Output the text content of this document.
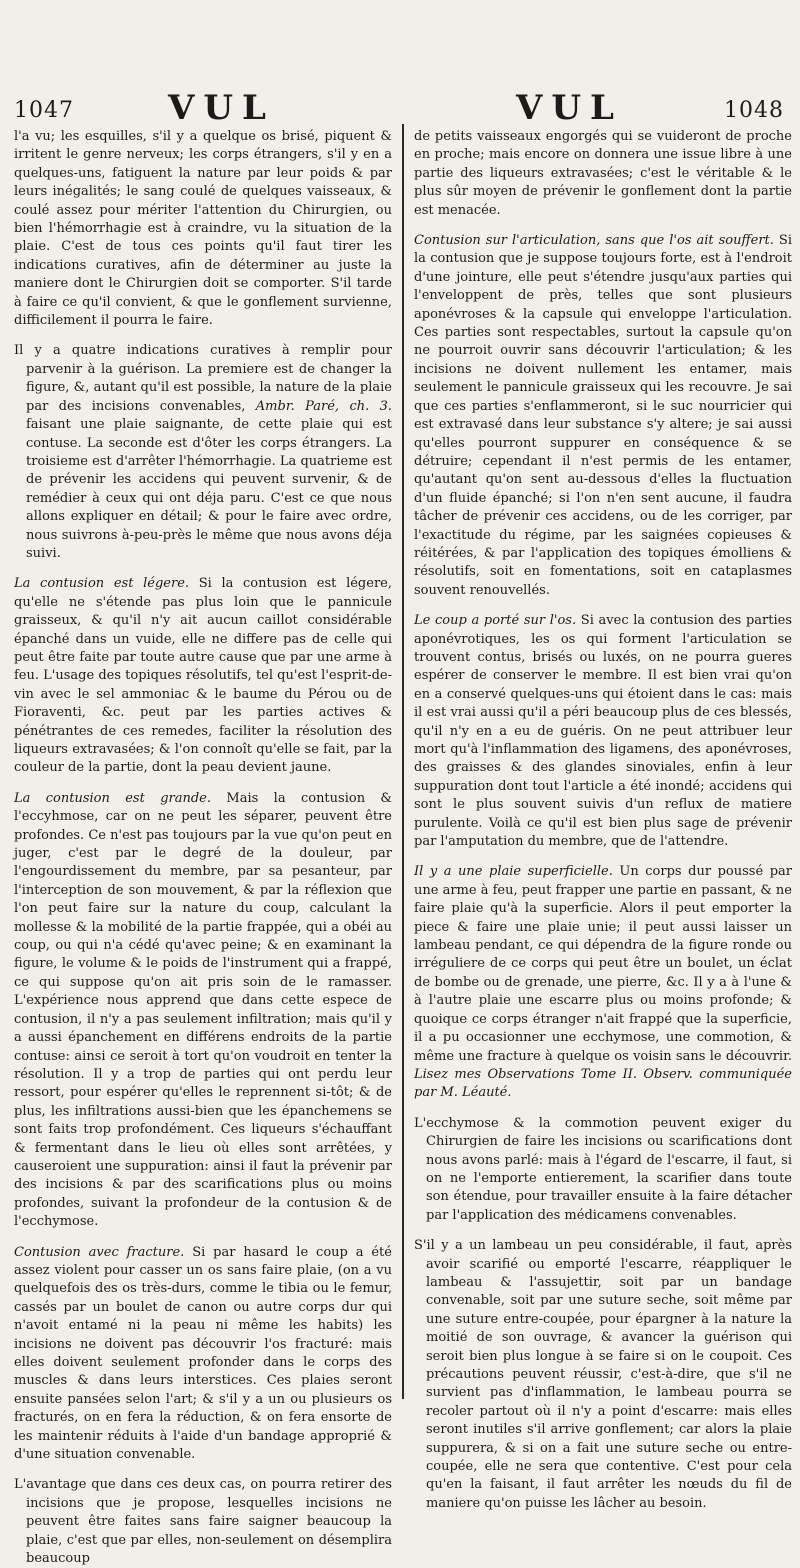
1047	VUL	VUL	1048

l'a vu; les esquilles, s'il y a quelque os brisé, piquent & irritent le genre nerveux; les corps étrangers, s'il y en a quelques-uns, fatiguent la nature par leur poids & par leurs inégalités; le sang coulé de quelques vaisseaux, & coulé assez pour mériter l'attention du Chirurgien, ou bien l'hémorrhagie est à craindre, vu la situation de la plaie. C'est de tous ces points qu'il faut tirer les indications curatives, afin de déterminer au juste la maniere dont le Chirurgien doit se comporter. S'il tarde à faire ce qu'il convient, & que le gonflement survienne, difficilement il pourra le faire.

Il y a quatre indications curatives à remplir pour parvenir à la guérison. La premiere est de changer la figure, &, autant qu'il est possible, la nature de la plaie par des incisions convenables, Ambr. Paré, ch. 3. faisant une plaie saignante, de cette plaie qui est contuse. La seconde est d'ôter les corps étrangers. La troisieme est d'arrêter l'hémorrhagie. La quatrieme est de prévenir les accidens qui peuvent survenir, & de remédier à ceux qui ont déja paru. C'est ce que nous allons expliquer en détail; & pour le faire avec ordre, nous suivrons à-peu-près le même que nous avons déja suivi.

La contusion est légere. Si la contusion est légere, qu'elle ne s'étende pas plus loin que le pannicule graisseux, & qu'il n'y ait aucun caillot considérable épanché dans un vuide, elle ne differe pas de celle qui peut être faite par toute autre cause que par une arme à feu. L'usage des topiques résolutifs, tel qu'est l'esprit-de-vin avec le sel ammoniac & le baume du Pérou ou de Fioraventi, &c. peut par les parties actives & pénétrantes de ces remedes, faciliter la résolution des liqueurs extravasées; & l'on connoît qu'elle se fait, par la couleur de la partie, dont la peau devient jaune.

La contusion est grande. Mais la contusion & l'eccyhmose, car on ne peut les séparer, peuvent être profondes. Ce n'est pas toujours par la vue qu'on peut en juger, c'est par le degré de la douleur, par l'engourdissement du membre, par sa pesanteur, par l'interception de son mouvement, & par la réflexion que l'on peut faire sur la nature du coup, calculant la mollesse & la mobilité de la partie frappée, qui a obéi au coup, ou qui n'a cédé qu'avec peine; & en examinant la figure, le volume & le poids de l'instrument qui a frappé, ce qui suppose qu'on ait pris soin de le ramasser. L'expérience nous apprend que dans cette espece de contusion, il n'y a pas seulement infiltration; mais qu'il y a aussi épanchement en différens endroits de la partie contuse: ainsi ce seroit à tort qu'on voudroit en tenter la résolution. Il y a trop de parties qui ont perdu leur ressort, pour espérer qu'elles le reprennent si-tôt; & de plus, les infiltrations aussi-bien que les épanchemens se sont faits trop profondément. Ces liqueurs s'échauffant & fermentant dans le lieu où elles sont arrêtées, y causeroient une suppuration: ainsi il faut la prévenir par des incisions & par des scarifications plus ou moins profondes, suivant la profondeur de la contusion & de l'ecchymose.

Contusion avec fracture. Si par hasard le coup a été assez violent pour casser un os sans faire plaie, (on a vu quelquefois des os très-durs, comme le tibia ou le femur, cassés par un boulet de canon ou autre corps dur qui n'avoit entamé ni la peau ni même les habits) les incisions ne doivent pas découvrir l'os fracturé: mais elles doivent seulement profonder dans le corps des muscles & dans leurs interstices. Ces plaies seront ensuite pansées selon l'art; & s'il y a un ou plusieurs os fracturés, on en fera la réduction, & on fera ensorte de les maintenir réduits à l'aide d'un bandage approprié & d'une situation convenable.

L'avantage que dans ces deux cas, on pourra retirer des incisions que je propose, lesquelles incisions ne peuvent être faites sans faire saigner beaucoup la plaie, c'est que par elles, non-seulement on désemplira beaucoup

de petits vaisseaux engorgés qui se vuideront de proche en proche; mais encore on donnera une issue libre à une partie des liqueurs extravasées; c'est le véritable & le plus sûr moyen de prévenir le gonflement dont la partie est menacée.

Contusion sur l'articulation, sans que l'os ait souffert. Si la contusion que je suppose toujours forte, est à l'endroit d'une jointure, elle peut s'étendre jusqu'aux parties qui l'enveloppent de près, telles que sont plusieurs aponévroses & la capsule qui enveloppe l'articulation. Ces parties sont respectables, surtout la capsule qu'on ne pourroit ouvrir sans découvrir l'articulation; & les incisions ne doivent nullement les entamer, mais seulement le pannicule graisseux qui les recouvre. Je sai que ces parties s'enflammeront, si le suc nourricier qui est extravasé dans leur substance s'y altere; je sai aussi qu'elles pourront suppurer en conséquence & se détruire; cependant il n'est permis de les entamer, qu'autant qu'on sent au-dessous d'elles la fluctuation d'un fluide épanché; si l'on n'en sent aucune, il faudra tâcher de prévenir ces accidens, ou de les corriger, par l'exactitude du régime, par les saignées copieuses & réitérées, & par l'application des topiques émolliens & résolutifs, soit en fomentations, soit en cataplasmes souvent renouvellés.

Le coup a porté sur l'os. Si avec la contusion des parties aponévrotiques, les os qui forment l'articulation se trouvent contus, brisés ou luxés, on ne pourra gueres espérer de conserver le membre. Il est bien vrai qu'on en a conservé quelques-uns qui étoient dans le cas: mais il est vrai aussi qu'il a péri beaucoup plus de ces blessés, qu'il n'y en a eu de guéris. On ne peut attribuer leur mort qu'à l'inflammation des ligamens, des aponévroses, des graisses & des glandes sinoviales, enfin à leur suppuration dont tout l'article a été inondé; accidens qui sont le plus souvent suivis d'un reflux de matiere purulente. Voilà ce qu'il est bien plus sage de prévenir par l'amputation du membre, que de l'attendre.

Il y a une plaie superficielle. Un corps dur poussé par une arme à feu, peut frapper une partie en passant, & ne faire plaie qu'à la superficie. Alors il peut emporter la piece & faire une plaie unie; il peut aussi laisser un lambeau pendant, ce qui dépendra de la figure ronde ou irréguliere de ce corps qui peut être un boulet, un éclat de bombe ou de grenade, une pierre, &c. Il y a à l'une & à l'autre plaie une escarre plus ou moins profonde; & quoique ce corps étranger n'ait frappé que la superficie, il a pu occasionner une ecchymose, une commotion, & même une fracture à quelque os voisin sans le découvrir. Lisez mes Observations Tome II. Observ. communiquée par M. Léauté.

L'ecchymose & la commotion peuvent exiger du Chirurgien de faire les incisions ou scarifications dont nous avons parlé: mais à l'égard de l'escarre, il faut, si on ne l'emporte entierement, la scarifier dans toute son étendue, pour travailler ensuite à la faire détacher par l'application des médicamens convenables.

S'il y a un lambeau un peu considérable, il faut, après avoir scarifié ou emporté l'escarre, réappliquer le lambeau & l'assujettir, soit par un bandage convenable, soit par une suture seche, soit même par une suture entre-coupée, pour épargner à la nature la moitié de son ouvrage, & avancer la guérison qui seroit bien plus longue à se faire si on le coupoit. Ces précautions peuvent réussir, c'est-à-dire, que s'il ne survient pas d'inflammation, le lambeau pourra se recoler partout où il n'y a point d'escarre: mais elles seront inutiles s'il arrive gonflement; car alors la plaie suppurera, & si on a fait une suture seche ou entre-coupée, elle ne sera que contentive. C'est pour cela qu'en la faisant, il faut arrêter les nœuds du fil de maniere qu'on puisse les lâcher au besoin.
